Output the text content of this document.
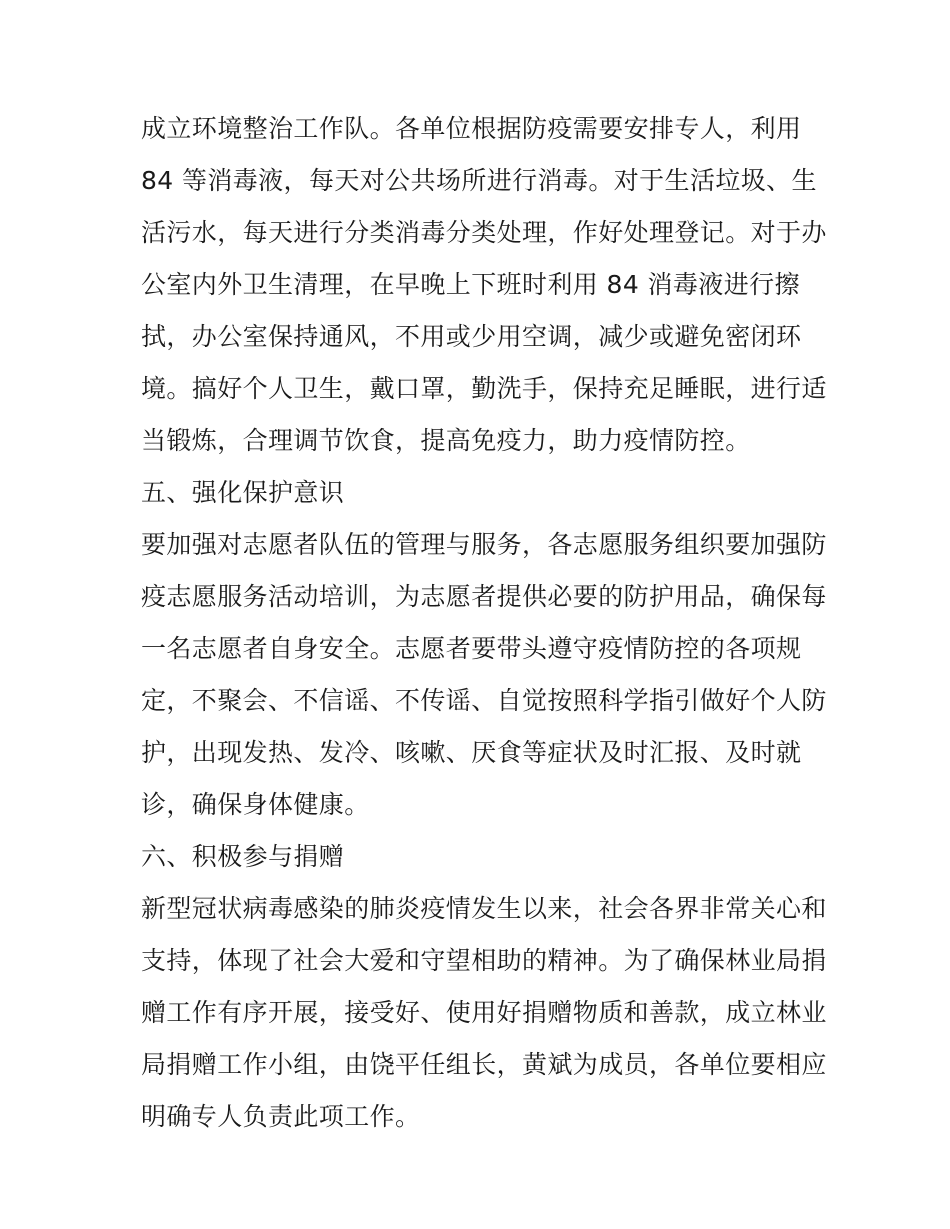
成立环境整治工作队。各单位根据防疫需要安排专人，利用
84 等消毒液，每天对公共场所进行消毒。对于生活垃圾、生
活污水，每天进行分类消毒分类处理，作好处理登记。对于办
公室内外卫生清理，在早晚上下班时利用 84 消毒液进行擦
拭，办公室保持通风，不用或少用空调，减少或避免密闭环
境。搞好个人卫生，戴口罩，勤洗手，保持充足睡眠，进行适
当锻炼，合理调节饮食，提高免疫力，助力疫情防控。
五、强化保护意识
要加强对志愿者队伍的管理与服务，各志愿服务组织要加强防
疫志愿服务活动培训，为志愿者提供必要的防护用品，确保每
一名志愿者自身安全。志愿者要带头遵守疫情防控的各项规
定，不聚会、不信谣、不传谣、自觉按照科学指引做好个人防
护，出现发热、发冷、咳嗽、厌食等症状及时汇报、及时就
诊，确保身体健康。
六、积极参与捐赠
新型冠状病毒感染的肺炎疫情发生以来，社会各界非常关心和
支持，体现了社会大爱和守望相助的精神。为了确保林业局捐
赠工作有序开展，接受好、使用好捐赠物质和善款，成立林业
局捐赠工作小组，由饶平任组长，黄斌为成员，各单位要相应
明确专人负责此项工作。
